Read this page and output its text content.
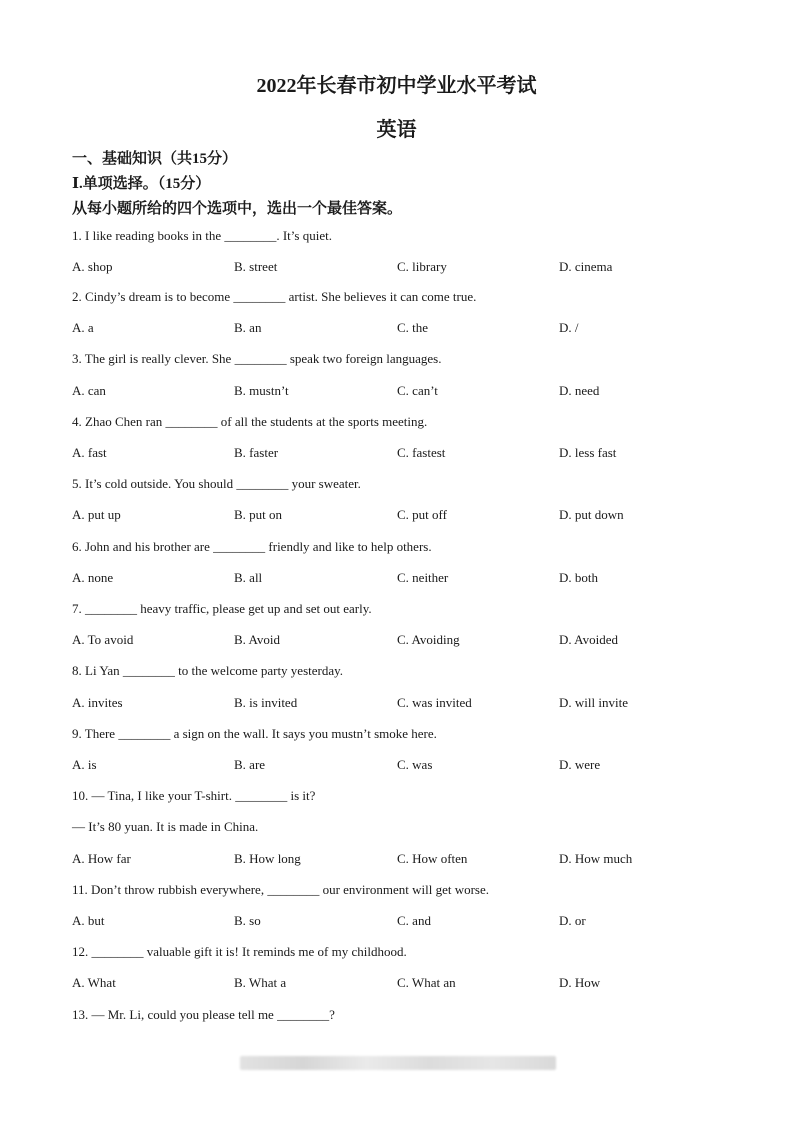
2022年长春市初中学业水平考试
英语
一、基础知识（共15分）
Ⅰ.单项选择。（15分）
从每小题所给的四个选项中，选出一个最佳答案。
1. I like reading books in the ________. It’s quiet.
A. shop	B. street	C. library	D. cinema
2. Cindy’s dream is to become ________ artist. She believes it can come true.
A. a	B. an	C. the	D. /
3. The girl is really clever. She ________ speak two foreign languages.
A. can	B. mustn’t	C. can’t	D. need
4. Zhao Chen ran ________ of all the students at the sports meeting.
A. fast	B. faster	C. fastest	D. less fast
5. It’s cold outside. You should ________ your sweater.
A. put up	B. put on	C. put off	D. put down
6. John and his brother are ________ friendly and like to help others.
A. none	B. all	C. neither	D. both
7. ________ heavy traffic, please get up and set out early.
A. To avoid	B. Avoid	C. Avoiding	D. Avoided
8. Li Yan ________ to the welcome party yesterday.
A. invites	B. is invited	C. was invited	D. will invite
9. There ________ a sign on the wall. It says you mustn’t smoke here.
A. is	B. are	C. was	D. were
10. — Tina, I like your T-shirt. ________ is it?
— It’s 80 yuan. It is made in China.
A. How far	B. How long	C. How often	D. How much
11. Don’t throw rubbish everywhere, ________ our environment will get worse.
A. but	B. so	C. and	D. or
12. ________ valuable gift it is! It reminds me of my childhood.
A. What	B. What a	C. What an	D. How
13. — Mr. Li, could you please tell me ________?
